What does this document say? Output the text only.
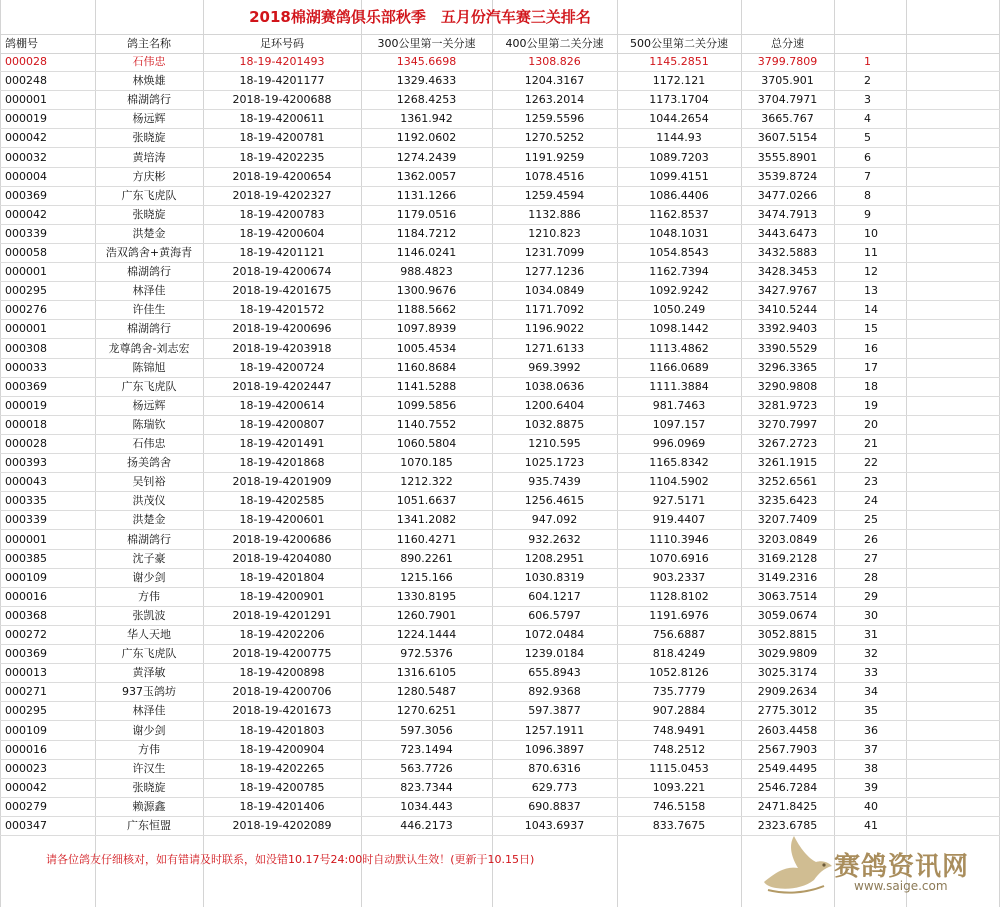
2018棉湖赛鸽俱乐部秋季　五月份汽车赛三关排名
鸽棚号	鸽主名称	足环号码	300公里第一关分速	400公里第二关分速	500公里第二关分速	总分速
000028	石伟忠	18-19-4201493	1345.6698	1308.826	1145.2851	3799.7809	1
000248	林焕雄	18-19-4201177	1329.4633	1204.3167	1172.121	3705.901	2
000001	棉湖鸽行	2018-19-4200688	1268.4253	1263.2014	1173.1704	3704.7971	3
000019	杨远辉	18-19-4200611	1361.942	1259.5596	1044.2654	3665.767	4
000042	张晓旋	18-19-4200781	1192.0602	1270.5252	1144.93	3607.5154	5
000032	黄培涛	18-19-4202235	1274.2439	1191.9259	1089.7203	3555.8901	6
000004	方庆彬	2018-19-4200654	1362.0057	1078.4516	1099.4151	3539.8724	7
000369	广东飞虎队	2018-19-4202327	1131.1266	1259.4594	1086.4406	3477.0266	8
000042	张晓旋	18-19-4200783	1179.0516	1132.886	1162.8537	3474.7913	9
000339	洪楚金	18-19-4200604	1184.7212	1210.823	1048.1031	3443.6473	10
000058	浩双鸽舍+黄海青	18-19-4201121	1146.0241	1231.7099	1054.8543	3432.5883	11
000001	棉湖鸽行	2018-19-4200674	988.4823	1277.1236	1162.7394	3428.3453	12
000295	林泽佳	2018-19-4201675	1300.9676	1034.0849	1092.9242	3427.9767	13
000276	许佳生	18-19-4201572	1188.5662	1171.7092	1050.249	3410.5244	14
000001	棉湖鸽行	2018-19-4200696	1097.8939	1196.9022	1098.1442	3392.9403	15
000308	龙尊鸽舍-刘志宏	2018-19-4203918	1005.4534	1271.6133	1113.4862	3390.5529	16
000033	陈锦旭	18-19-4200724	1160.8684	969.3992	1166.0689	3296.3365	17
000369	广东飞虎队	2018-19-4202447	1141.5288	1038.0636	1111.3884	3290.9808	18
000019	杨远辉	18-19-4200614	1099.5856	1200.6404	981.7463	3281.9723	19
000018	陈瑞钦	18-19-4200807	1140.7552	1032.8875	1097.157	3270.7997	20
000028	石伟忠	18-19-4201491	1060.5804	1210.595	996.0969	3267.2723	21
000393	扬美鸽舍	18-19-4201868	1070.185	1025.1723	1165.8342	3261.1915	22
000043	吴钊裕	2018-19-4201909	1212.322	935.7439	1104.5902	3252.6561	23
000335	洪茂仪	18-19-4202585	1051.6637	1256.4615	927.5171	3235.6423	24
000339	洪楚金	18-19-4200601	1341.2082	947.092	919.4407	3207.7409	25
000001	棉湖鸽行	2018-19-4200686	1160.4271	932.2632	1110.3946	3203.0849	26
000385	沈子豪	2018-19-4204080	890.2261	1208.2951	1070.6916	3169.2128	27
000109	谢少剑	18-19-4201804	1215.166	1030.8319	903.2337	3149.2316	28
000016	方伟	18-19-4200901	1330.8195	604.1217	1128.8102	3063.7514	29
000368	张凯波	2018-19-4201291	1260.7901	606.5797	1191.6976	3059.0674	30
000272	华人天地	18-19-4202206	1224.1444	1072.0484	756.6887	3052.8815	31
000369	广东飞虎队	2018-19-4200775	972.5376	1239.0184	818.4249	3029.9809	32
000013	黄泽敏	18-19-4200898	1316.6105	655.8943	1052.8126	3025.3174	33
000271	937玉鸽坊	2018-19-4200706	1280.5487	892.9368	735.7779	2909.2634	34
000295	林泽佳	2018-19-4201673	1270.6251	597.3877	907.2884	2775.3012	35
000109	谢少剑	18-19-4201803	597.3056	1257.1911	748.9491	2603.4458	36
000016	方伟	18-19-4200904	723.1494	1096.3897	748.2512	2567.7903	37
000023	许汉生	18-19-4202265	563.7726	870.6316	1115.0453	2549.4495	38
000042	张晓旋	18-19-4200785	823.7344	629.773	1093.221	2546.7284	39
000279	赖源鑫	18-19-4201406	1034.443	690.8837	746.5158	2471.8425	40
000347	广东恒盟	2018-19-4202089	446.2173	1043.6937	833.7675	2323.6785	41
请各位鸽友仔细核对，如有错请及时联系，如没错10.17号24:00时自动默认生效！(更新于10.15日)	赛鸽资讯网
www.saige.com
